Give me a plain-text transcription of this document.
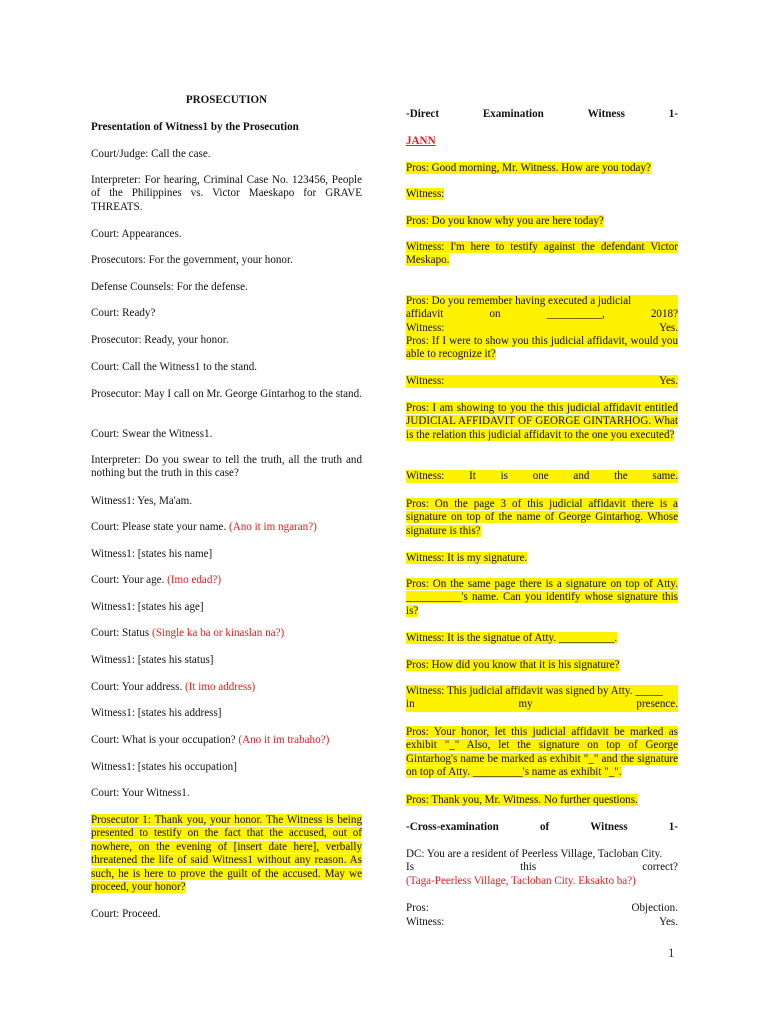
PROSECUTION

Presentation of Witness1 by the Prosecution

Court/Judge: Call the case.

Interpreter: For hearing, Criminal Case No. 123456, People of the Philippines vs. Victor Maeskapo for GRAVE THREATS.

Court: Appearances.

Prosecutors: For the government, your honor.

Defense Counsels: For the defense.

Court: Ready?

Prosecutor: Ready, your honor.

Court: Call the Witness1 to the stand.

Prosecutor: May I call on Mr. George Gintarhog to the stand.

Court: Swear the Witness1.

Interpreter: Do you swear to tell the truth, all the truth and nothing but the truth in this case?

Witness1: Yes, Ma'am.

Court: Please state your name. (Ano it im ngaran?)

Witness1: [states his name]

Court: Your age. (Imo edad?)

Witness1: [states his age]

Court: Status (Single ka ba or kinaslan na?)

Witness1: [states his status]

Court: Your address. (It imo address)

Witness1: [states his address]

Court: What is your occupation? (Ano it im trabaho?)

Witness1: [states his occupation]

Court: Your Witness1.

Prosecutor 1: Thank you, your honor. The Witness is being presented to testify on the fact that the accused, out of nowhere, on the evening of [insert date here], verbally threatened the life of said Witness1 without any reason. As such, he is here to prove the guilt of the accused. May we proceed, your honor?

Court: Proceed.

-Direct	Examination	Witness	1-

JANN

Pros: Good morning, Mr. Witness. How are you today?

Witness:

Pros: Do you know why you are here today?

Witness: I'm here to testify against the defendant Victor Meskapo.

Pros: Do you remember having executed a judicial
affidavit	on	__________,	2018?
Witness:	Yes.

Pros: If I were to show you this judicial affidavit, would you able to recognize it?

Witness:	Yes.

Pros: I am showing to you the this judicial affidavit entitled JUDICIAL AFFIDAVIT OF GEORGE GINTARHOG. What is the relation this judicial affidavit to the one you executed?

Witness: It is one and the same.

Pros: On the page 3 of this judicial affidavit there is a signature on top of the name of George Gintarhog. Whose signature is this?

Witness: It is my signature.

Pros: On the same page there is a signature on top of Atty. __________'s name. Can you identify whose signature this is?

Witness: It is the signatue of Atty. __________.

Pros: How did you know that it is his signature?

Witness: This judicial affidavit was signed by Atty. _____
in	my	presence.

Pros: Your honor, let this judicial affidavit be marked as exhibit "_" Also, let the signature on top of George Gintarhog's name be marked as exhibit "_" and the signature on top of Atty. _________'s name as exhibit "_".

Pros: Thank you, Mr. Witness. No further questions.

-Cross-examination	of	Witness	1-
DC: You are a resident of Peerless Village, Tacloban City.
Is	this	correct?
(Taga-Peerless Village, Tacloban City. Eksakto ba?)
Pros:	Objection.
Witness:	Yes.
1
